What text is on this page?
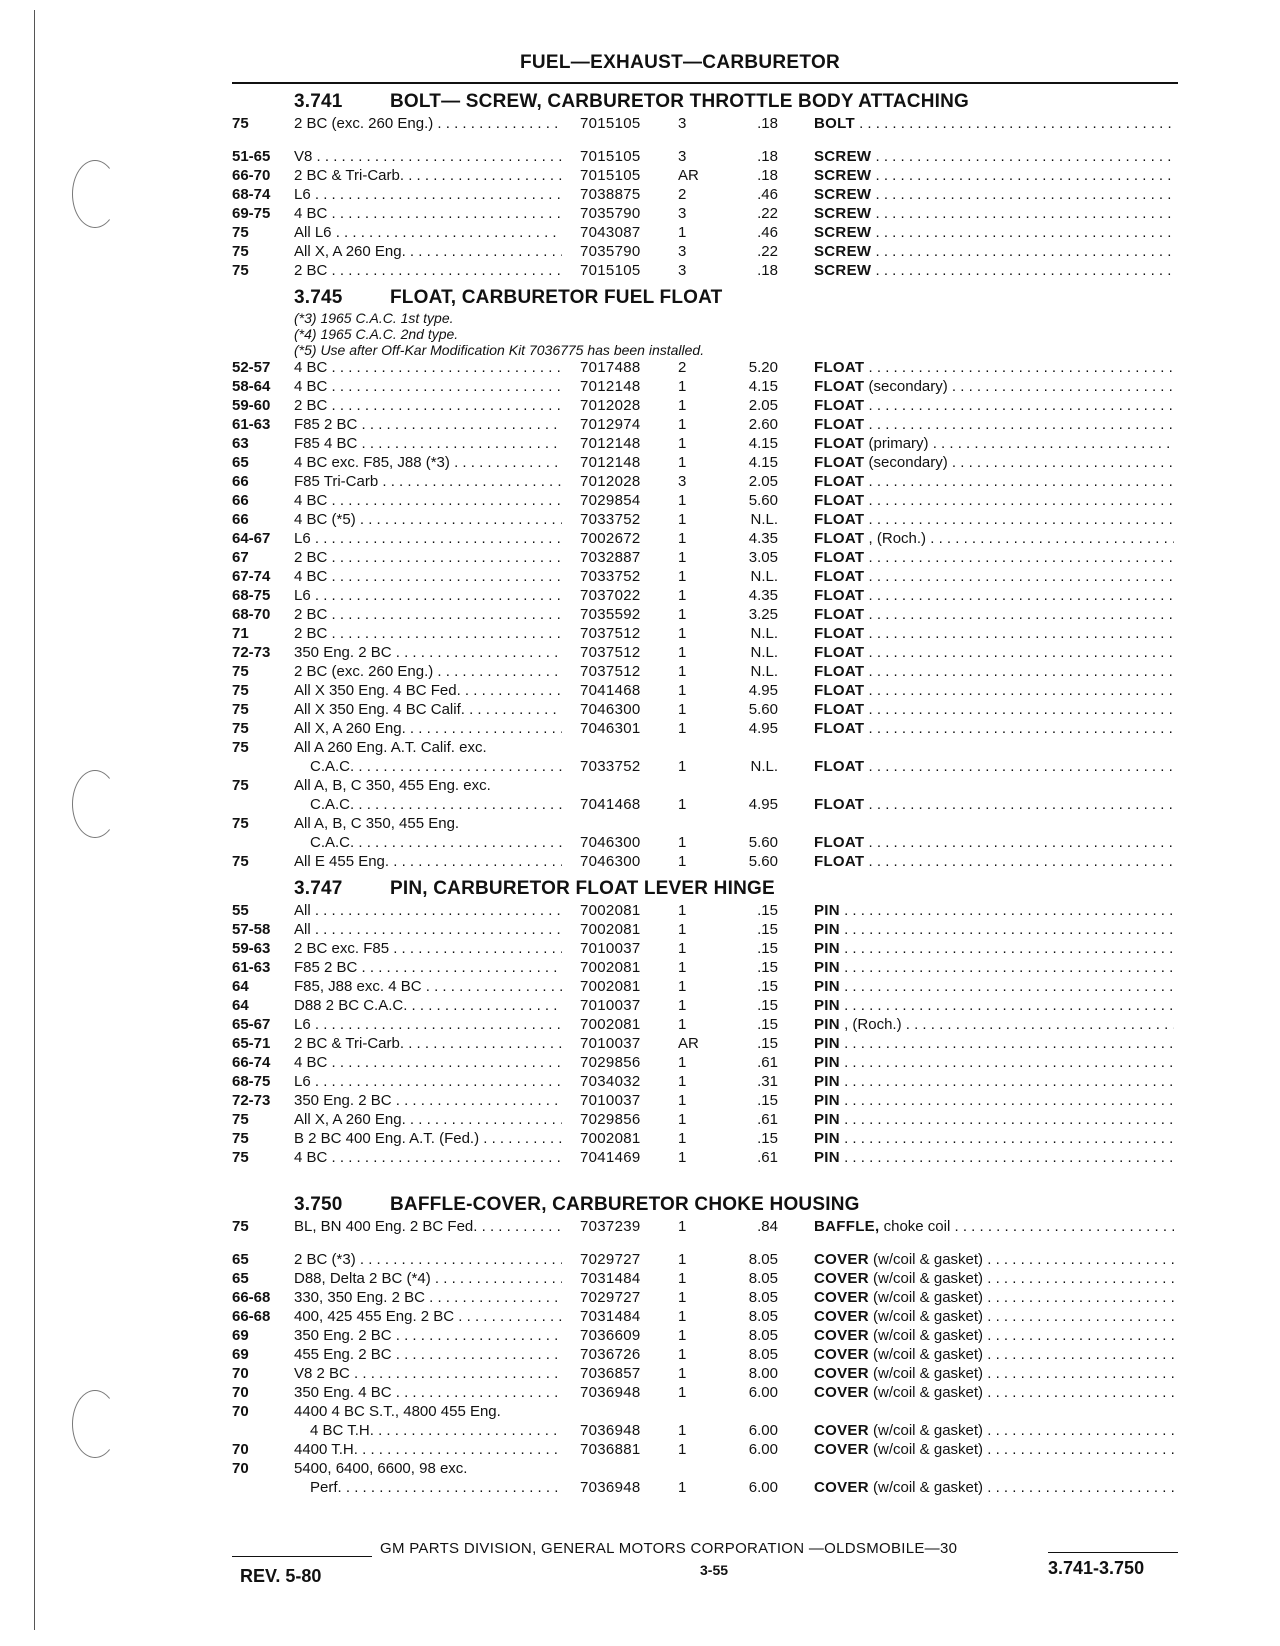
FUEL—EXHAUST—CARBURETOR
3.741 BOLT— SCREW, CARBURETOR THROTTLE BODY ATTACHING
75	2 BC (exc. 260 Eng.) . . .	7015105	3	.18 BOLT . . .
51-65	V8 . . .	7015105	3	.18 SCREW . . .
66-70	2 BC & Tri-Carb. . . .	7015105	AR	.18 SCREW . . .
68-74	L6 . . .	7038875	2	.46 SCREW . . .
69-75	4 BC . . .	7035790	3	.22 SCREW . . .
75	All L6 . . .	7043087	1	.46 SCREW . . .
75	All X, A 260 Eng. . . .	7035790	3	.22 SCREW . . .
75	2 BC . . .	7015105	3	.18 SCREW . . .
3.745 FLOAT, CARBURETOR FUEL FLOAT
(*3) 1965 C.A.C. 1st type.
(*4) 1965 C.A.C. 2nd type.
(*5) Use after Off-Kar Modification Kit 7036775 has been installed.
52-57	4 BC . . .	7017488	2	5.20 FLOAT . . .
58-64	4 BC . . .	7012148	1	4.15 FLOAT (secondary) . . .
59-60	2 BC . . .	7012028	1	2.05 FLOAT . . .
61-63	F85 2 BC . . .	7012974	1	2.60 FLOAT . . .
63	F85 4 BC . . .	7012148	1	4.15 FLOAT (primary) . . .
65	4 BC exc. F85, J88 (*3) . . .	7012148	1	4.15 FLOAT (secondary) . . .
66	F85 Tri-Carb . . .	7012028	3	2.05 FLOAT . . .
66	4 BC . . .	7029854	1	5.60 FLOAT . . .
66	4 BC (*5) . . .	7033752	1	N.L. FLOAT . . .
64-67	L6 . . .	7002672	1	4.35 FLOAT , (Roch.) . . .
67	2 BC . . .	7032887	1	3.05 FLOAT . . .
67-74	4 BC . . .	7033752	1	N.L. FLOAT . . .
68-75	L6 . . .	7037022	1	4.35 FLOAT . . .
68-70	2 BC . . .	7035592	1	3.25 FLOAT . . .
71	2 BC . . .	7037512	1	N.L. FLOAT . . .
72-73	350 Eng. 2 BC . . .	7037512	1	N.L. FLOAT . . .
75	2 BC (exc. 260 Eng.) . . .	7037512	1	N.L. FLOAT . . .
75	All X 350 Eng. 4 BC Fed. . . .	7041468	1	4.95 FLOAT . . .
75	All X 350 Eng. 4 BC Calif. . . .	7046300	1	5.60 FLOAT . . .
75	All X, A 260 Eng. . . .	7046301	1	4.95 FLOAT . . .
75	All A 260 Eng. A.T. Calif. exc.
C.A.C. . . .	7033752	1	N.L. FLOAT . . .
75	All A, B, C 350, 455 Eng. exc.
C.A.C. . . .	7041468	1	4.95 FLOAT . . .
75	All A, B, C 350, 455 Eng.
C.A.C. . . .	7046300	1	5.60 FLOAT . . .
75	All E 455 Eng. . . .	7046300	1	5.60 FLOAT . . .
3.747 PIN, CARBURETOR FLOAT LEVER HINGE
55	All . . .	7002081	1	.15 PIN . . .
57-58	All . . .	7002081	1	.15 PIN . . .
59-63	2 BC exc. F85 . . .	7010037	1	.15 PIN . . .
61-63	F85 2 BC . . .	7002081	1	.15 PIN . . .
64	F85, J88 exc. 4 BC . . .	7002081	1	.15 PIN . . .
64	D88 2 BC C.A.C. . . .	7010037	1	.15 PIN . . .
65-67	L6 . . .	7002081	1	.15 PIN , (Roch.) . . .
65-71	2 BC & Tri-Carb. . . .	7010037	AR	.15 PIN . . .
66-74	4 BC . . .	7029856	1	.61 PIN . . .
68-75	L6 . . .	7034032	1	.31 PIN . . .
72-73	350 Eng. 2 BC . . .	7010037	1	.15 PIN . . .
75	All X, A 260 Eng. . . .	7029856	1	.61 PIN . . .
75	B 2 BC 400 Eng. A.T. (Fed.) . . .	7002081	1	.15 PIN . . .
75	4 BC . . .	7041469	1	.61 PIN . . .
3.750 BAFFLE-COVER, CARBURETOR CHOKE HOUSING
75	BL, BN 400 Eng. 2 BC Fed. . . .	7037239	1	.84 BAFFLE, choke coil . . .
65	2 BC (*3) . . .	7029727	1	8.05 COVER (w/coil & gasket) . . .
65	D88, Delta 2 BC (*4) . . .	7031484	1	8.05 COVER (w/coil & gasket) . . .
66-68	330, 350 Eng. 2 BC . . .	7029727	1	8.05 COVER (w/coil & gasket) . . .
66-68	400, 425 455 Eng. 2 BC . . .	7031484	1	8.05 COVER (w/coil & gasket) . . .
69	350 Eng. 2 BC . . .	7036609	1	8.05 COVER (w/coil & gasket) . . .
69	455 Eng. 2 BC . . .	7036726	1	8.05 COVER (w/coil & gasket) . . .
70	V8 2 BC . . .	7036857	1	8.00 COVER (w/coil & gasket) . . .
70	350 Eng. 4 BC . . .	7036948	1	6.00 COVER (w/coil & gasket) . . .
70	4400 4 BC S.T., 4800 455 Eng.
4 BC T.H. . . .	7036948	1	6.00 COVER (w/coil & gasket) . . .
70	4400 T.H. . . .	7036881	1	6.00 COVER (w/coil & gasket) . . .
70	5400, 6400, 6600, 98 exc.
Perf. . . .	7036948	1	6.00 COVER (w/coil & gasket) . . .
GM PARTS DIVISION, GENERAL MOTORS CORPORATION —OLDSMOBILE—30
REV. 5-80	3-55	3.741-3.750
